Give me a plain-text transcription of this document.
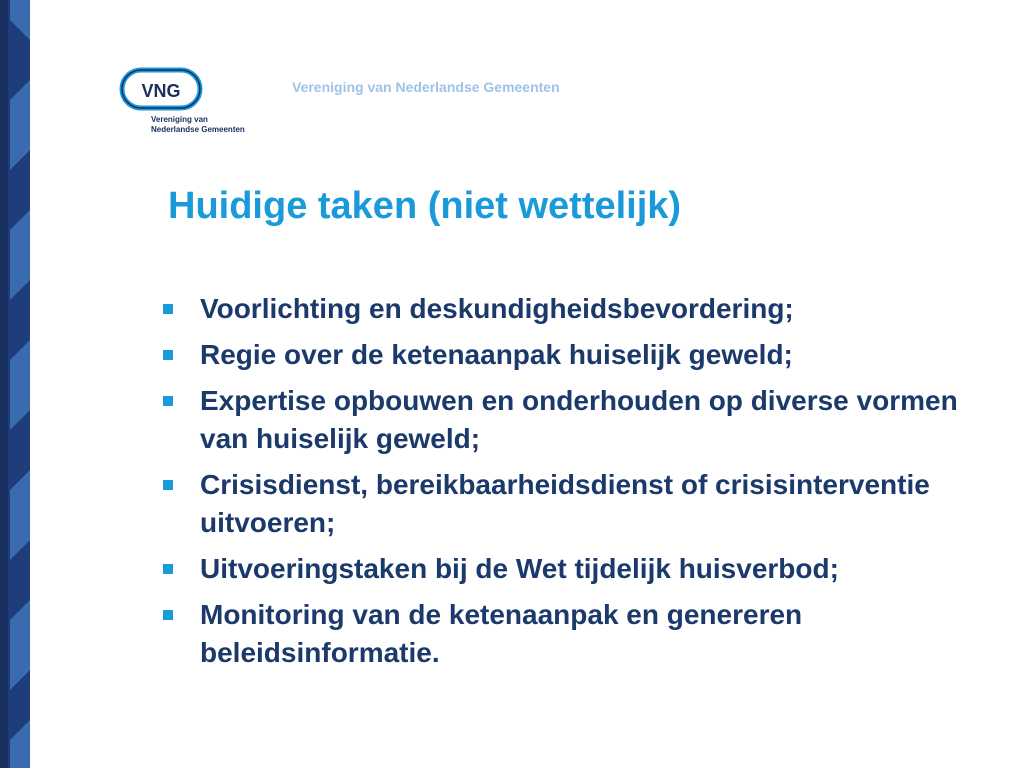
VNG
Vereniging van
Nederlandse Gemeenten
Vereniging van Nederlandse Gemeenten
Huidige taken (niet wettelijk)
Voorlichting en deskundigheidsbevordering;
Regie over de ketenaanpak huiselijk geweld;
Expertise opbouwen en onderhouden op diverse vormen van huiselijk geweld;
Crisisdienst, bereikbaarheidsdienst of crisisinterventie uitvoeren;
Uitvoeringstaken bij de Wet tijdelijk huisverbod;
Monitoring van de ketenaanpak en genereren beleidsinformatie.
